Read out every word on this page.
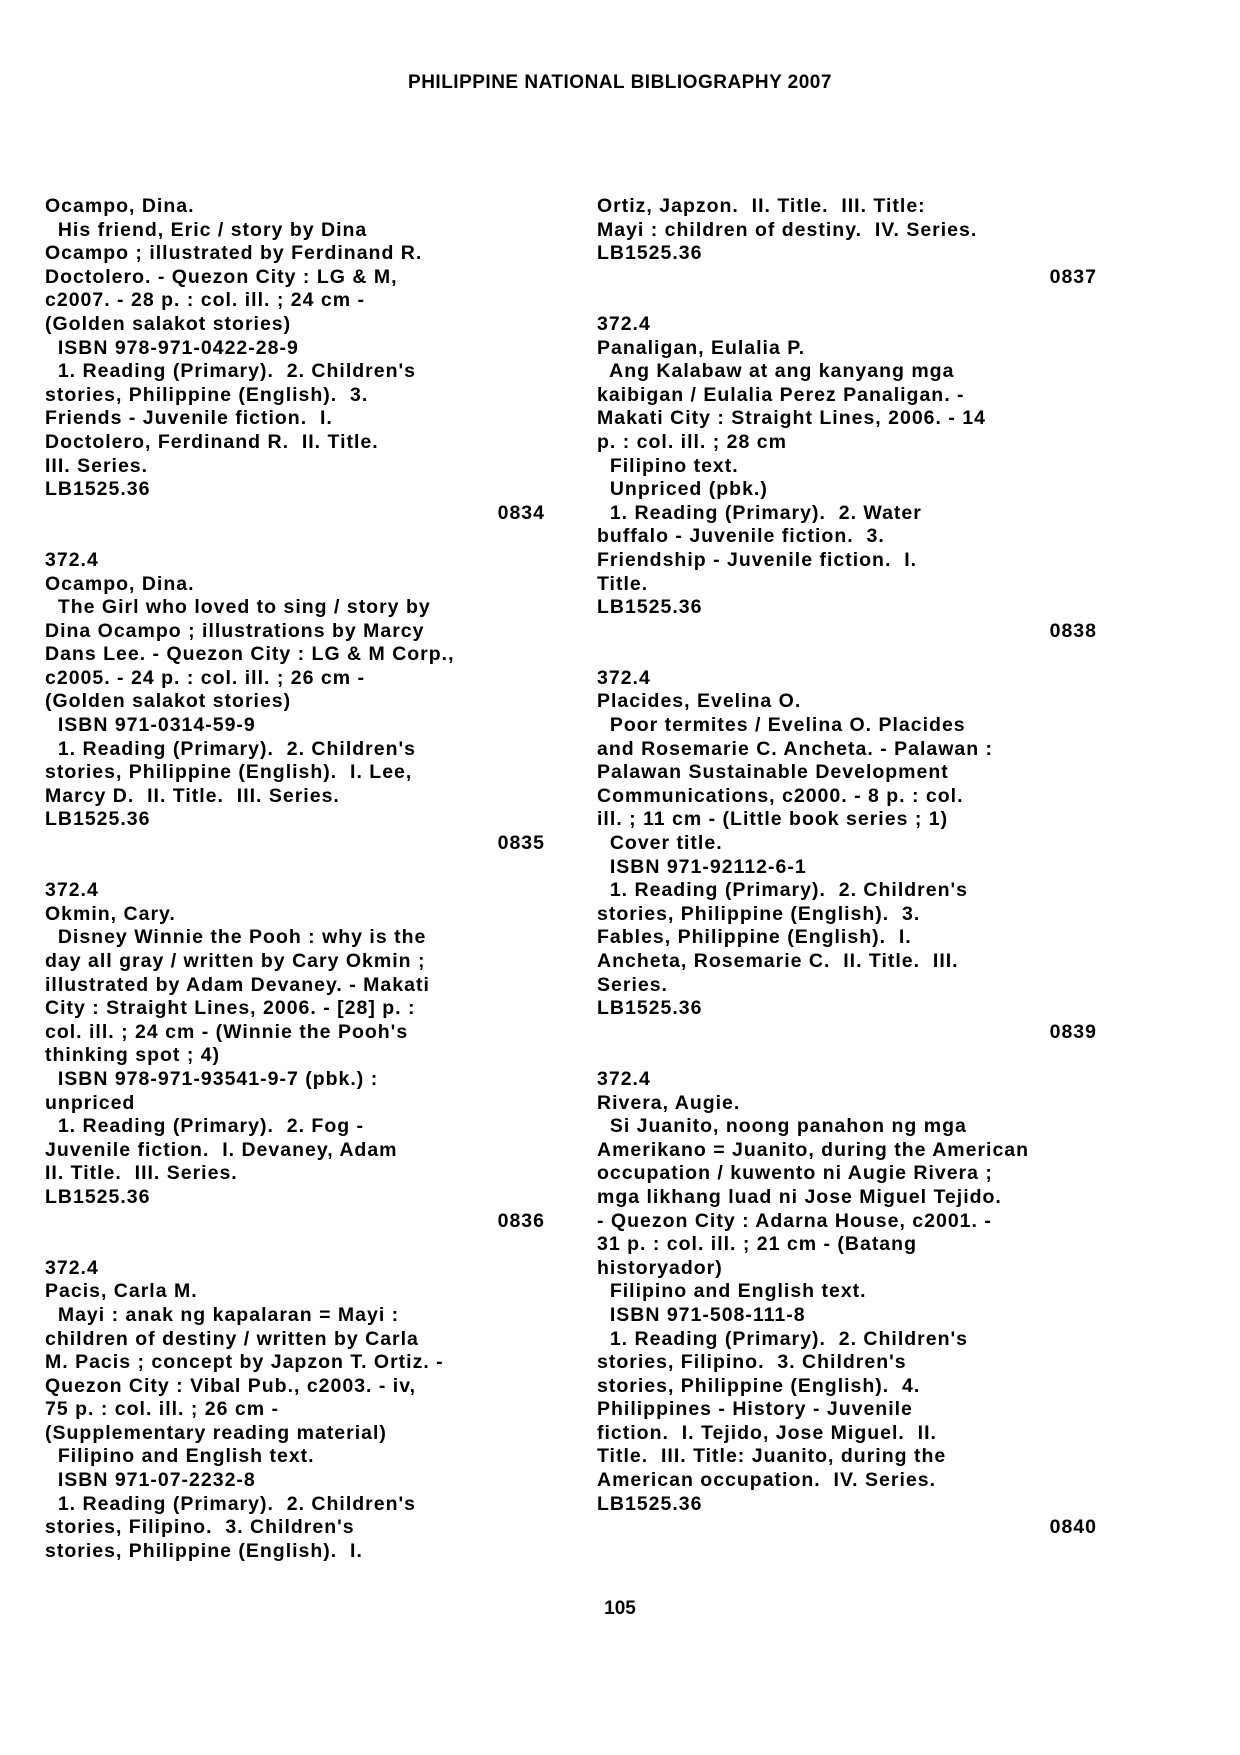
PHILIPPINE NATIONAL BIBLIOGRAPHY 2007
Ocampo, Dina.
His friend, Eric / story by Dina
Ocampo ; illustrated by Ferdinand R.
Doctolero. - Quezon City : LG & M,
c2007. - 28 p. : col. ill. ; 24 cm -
(Golden salakot stories)
ISBN 978-971-0422-28-9
1. Reading (Primary).  2. Children's
stories, Philippine (English).  3.
Friends - Juvenile fiction.  I.
Doctolero, Ferdinand R.  II. Title.
III. Series.
LB1525.36
0834
372.4
Ocampo, Dina.
The Girl who loved to sing / story by
Dina Ocampo ; illustrations by Marcy
Dans Lee. - Quezon City : LG & M Corp.,
c2005. - 24 p. : col. ill. ; 26 cm -
(Golden salakot stories)
ISBN 971-0314-59-9
1. Reading (Primary).  2. Children's
stories, Philippine (English).  I. Lee,
Marcy D.  II. Title.  III. Series.
LB1525.36
0835
372.4
Okmin, Cary.
Disney Winnie the Pooh : why is the
day all gray / written by Cary Okmin ;
illustrated by Adam Devaney. - Makati
City : Straight Lines, 2006. - [28] p. :
col. ill. ; 24 cm - (Winnie the Pooh's
thinking spot ; 4)
ISBN 978-971-93541-9-7 (pbk.) :
unpriced
1. Reading (Primary).  2. Fog -
Juvenile fiction.  I. Devaney, Adam
II. Title.  III. Series.
LB1525.36
0836
372.4
Pacis, Carla M.
Mayi : anak ng kapalaran = Mayi :
children of destiny / written by Carla
M. Pacis ; concept by Japzon T. Ortiz. -
Quezon City : Vibal Pub., c2003. - iv,
75 p. : col. ill. ; 26 cm -
(Supplementary reading material)
Filipino and English text.
ISBN 971-07-2232-8
1. Reading (Primary).  2. Children's
stories, Filipino.  3. Children's
stories, Philippine (English).  I.
Ortiz, Japzon.  II. Title.  III. Title:
Mayi : children of destiny.  IV. Series.
LB1525.36
0837
372.4
Panaligan, Eulalia P.
Ang Kalabaw at ang kanyang mga
kaibigan / Eulalia Perez Panaligan. -
Makati City : Straight Lines, 2006. - 14
p. : col. ill. ; 28 cm
Filipino text.
Unpriced (pbk.)
1. Reading (Primary).  2. Water
buffalo - Juvenile fiction.  3.
Friendship - Juvenile fiction.  I.
Title.
LB1525.36
0838
372.4
Placides, Evelina O.
Poor termites / Evelina O. Placides
and Rosemarie C. Ancheta. - Palawan :
Palawan Sustainable Development
Communications, c2000. - 8 p. : col.
ill. ; 11 cm - (Little book series ; 1)
Cover title.
ISBN 971-92112-6-1
1. Reading (Primary).  2. Children's
stories, Philippine (English).  3.
Fables, Philippine (English).  I.
Ancheta, Rosemarie C.  II. Title.  III.
Series.
LB1525.36
0839
372.4
Rivera, Augie.
Si Juanito, noong panahon ng mga
Amerikano = Juanito, during the American
occupation / kuwento ni Augie Rivera ;
mga likhang luad ni Jose Miguel Tejido.
- Quezon City : Adarna House, c2001. -
31 p. : col. ill. ; 21 cm - (Batang
historyador)
Filipino and English text.
ISBN 971-508-111-8
1. Reading (Primary).  2. Children's
stories, Filipino.  3. Children's
stories, Philippine (English).  4.
Philippines - History - Juvenile
fiction.  I. Tejido, Jose Miguel.  II.
Title.  III. Title: Juanito, during the
American occupation.  IV. Series.
LB1525.36
0840
105
